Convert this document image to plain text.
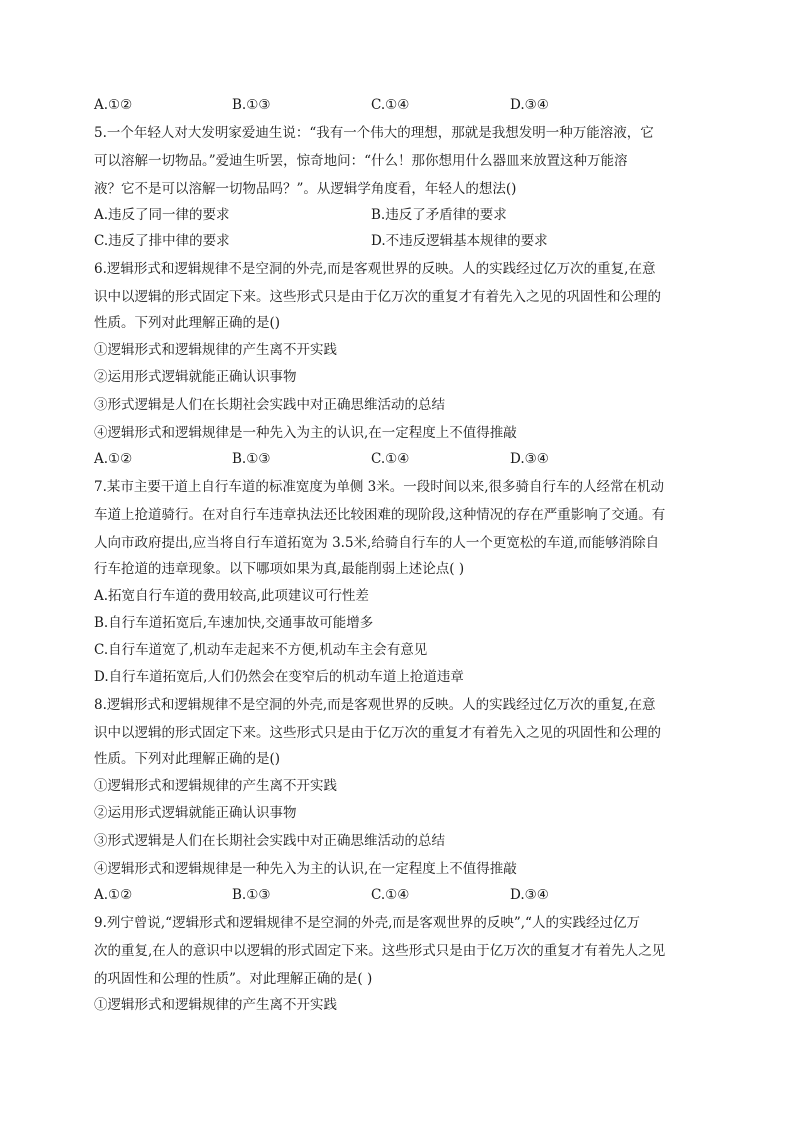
A.①②	B.①③	C.①④	D.③④
5.一个年轻人对大发明家爱迪生说：“我有一个伟大的理想，那就是我想发明一种万能溶液，它
可以溶解一切物品。”爱迪生听罢，惊奇地问：“什么！那你想用什么器皿来放置这种万能溶
液？它不是可以溶解一切物品吗？”。从逻辑学角度看，年轻人的想法()
A.违反了同一律的要求	B.违反了矛盾律的要求
C.违反了排中律的要求	D.不违反逻辑基本规律的要求
6.逻辑形式和逻辑规律不是空洞的外壳,而是客观世界的反映。人的实践经过亿万次的重复,在意
识中以逻辑的形式固定下来。这些形式只是由于亿万次的重复才有着先入之见的巩固性和公理的
性质。下列对此理解正确的是()
①逻辑形式和逻辑规律的产生离不开实践
②运用形式逻辑就能正确认识事物
③形式逻辑是人们在长期社会实践中对正确思维活动的总结
④逻辑形式和逻辑规律是一种先入为主的认识,在一定程度上不值得推敲
A.①②	B.①③	C.①④	D.③④
7.某市主要干道上自行车道的标准宽度为单侧 3米。一段时间以来,很多骑自行车的人经常在机动
车道上抢道骑行。在对自行车违章执法还比较困难的现阶段,这种情况的存在严重影响了交通。有
人向市政府提出,应当将自行车道拓宽为 3.5米,给骑自行车的人一个更宽松的车道,而能够消除自
行车抢道的违章现象。以下哪项如果为真,最能削弱上述论点( )
A.拓宽自行车道的费用较高,此项建议可行性差
B.自行车道拓宽后,车速加快,交通事故可能增多
C.自行车道宽了,机动车走起来不方便,机动车主会有意见
D.自行车道拓宽后,人们仍然会在变窄后的机动车道上抢道违章
8.逻辑形式和逻辑规律不是空洞的外壳,而是客观世界的反映。人的实践经过亿万次的重复,在意
识中以逻辑的形式固定下来。这些形式只是由于亿万次的重复才有着先入之见的巩固性和公理的
性质。下列对此理解正确的是()
①逻辑形式和逻辑规律的产生离不开实践
②运用形式逻辑就能正确认识事物
③形式逻辑是人们在长期社会实践中对正确思维活动的总结
④逻辑形式和逻辑规律是一种先入为主的认识,在一定程度上不值得推敲
A.①②	B.①③	C.①④	D.③④
9.列宁曾说,“逻辑形式和逻辑规律不是空洞的外壳,而是客观世界的反映”,“人的实践经过亿万
次的重复,在人的意识中以逻辑的形式固定下来。这些形式只是由于亿万次的重复才有着先人之见
的巩固性和公理的性质”。对此理解正确的是( )
①逻辑形式和逻辑规律的产生离不开实践
